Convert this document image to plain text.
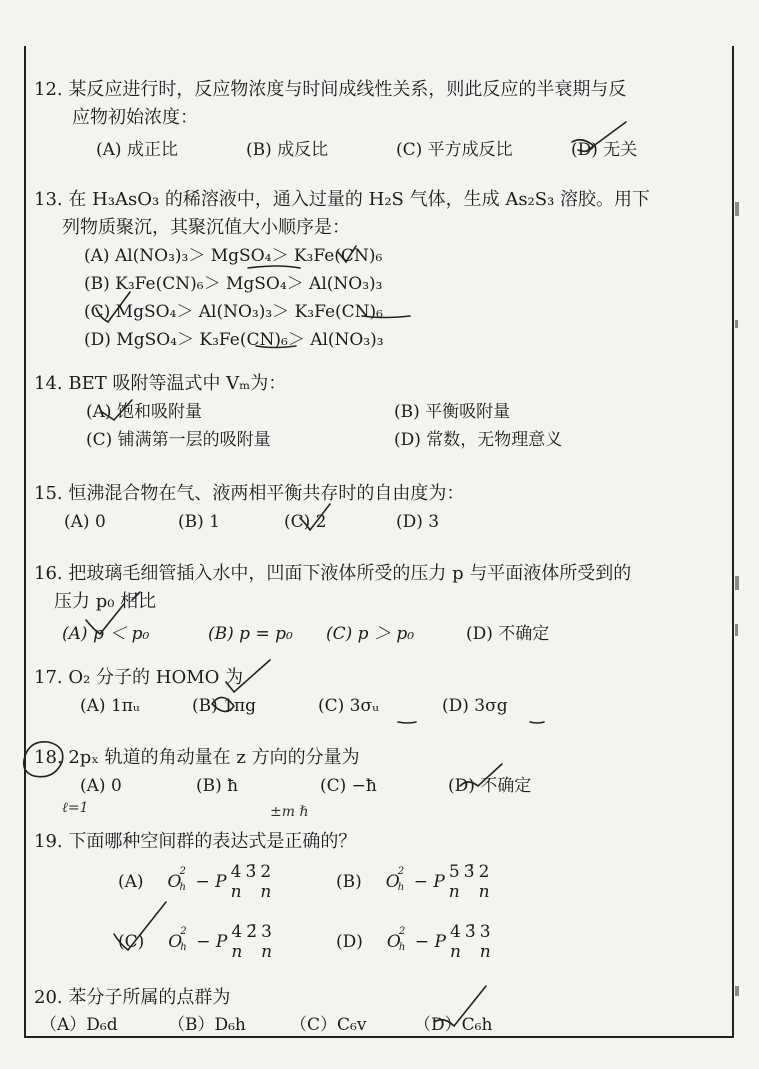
12. 某反应进行时，反应物浓度与时间成线性关系，则此反应的半衰期与反

应物初始浓度：

(A) 成正比	(B) 成反比	(C) 平方成反比	(D) 无关

13. 在 H₃AsO₃ 的稀溶液中，通入过量的 H₂S 气体，生成 As₂S₃ 溶胶。用下

列物质聚沉，其聚沉值大小顺序是：

(A) Al(NO₃)₃＞ MgSO₄＞ K₃Fe(CN)₆
(B) K₃Fe(CN)₆＞ MgSO₄＞ Al(NO₃)₃
(C) MgSO₄＞ Al(NO₃)₃＞ K₃Fe(CN)₆
(D) MgSO₄＞ K₃Fe(CN)₆＞ Al(NO₃)₃

14. BET 吸附等温式中 Vₘ为：

(A) 饱和吸附量	(B) 平衡吸附量
(C) 铺满第一层的吸附量	(D) 常数，无物理意义

15. 恒沸混合物在气、液两相平衡共存时的自由度为：

(A) 0	(B) 1	(C) 2	(D) 3

16. 把玻璃毛细管插入水中，凹面下液体所受的压力 p 与平面液体所受到的

压力 p₀ 相比

(A) p ＜ p₀	(B) p = p₀	(C) p ＞ p₀	(D) 不确定

17. O₂ 分子的 HOMO 为

(A) 1πᵤ	(B) 1πg	(C) 3σᵤ	(D) 3σg

18. 2pₓ 轨道的角动量在 z 方向的分量为

(A) 0	(B) ħ	(C) −ħ	(D) 不确定
ℓ=1	±m ℏ

19. 下面哪种空间群的表达式是正确的？

(A) O
2
h − P 4
n
3̄ 2
n	(B) O
2
h − P 5
n
3̄ 2
n
(C) O
2
h − P 4
n
2̄ 3
n	(D) O
2
h − P 4
n
3̄ 3
n

20. 苯分子所属的点群为

（A）D₆d	（B）D₆h	（C）C₆v	（D）C₆h
